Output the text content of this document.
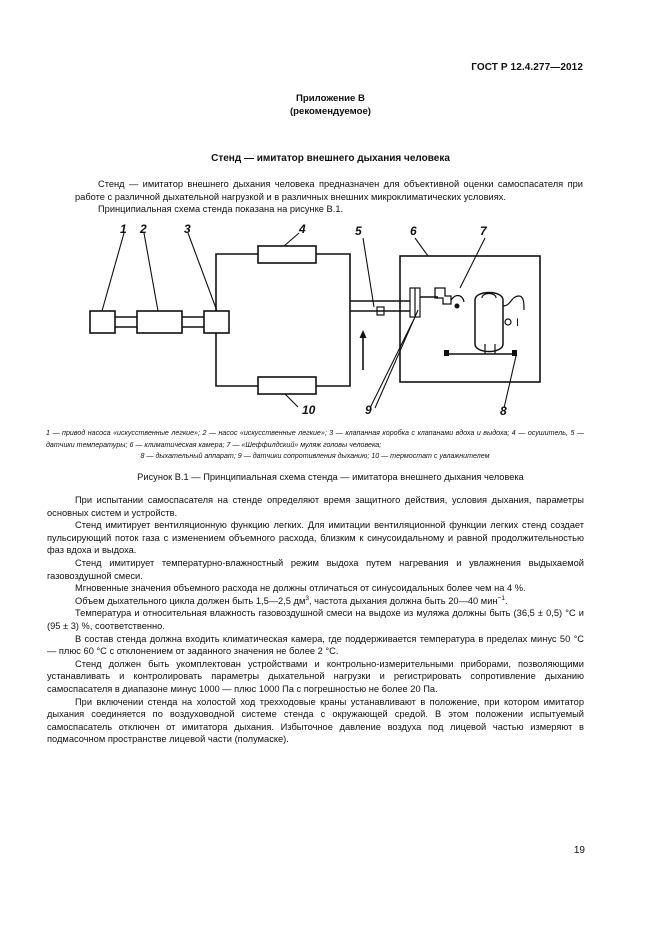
ГОСТ Р 12.4.277—2012
Приложение В
(рекомендуемое)
Стенд — имитатор внешнего дыхания человека

Стенд — имитатор внешнего дыхания человека предназначен для объективной оценки самоспасателя при работе с различной дыхательной нагрузкой и в различных внешних микроклиматических условиях.

Принципиальная схема стенда показана на рисунке В.1.

1 2	3	4	5	6	7
8
9
10
I

1 — привод насоса «искусственные легкие»; 2 — насос «искусственные легкие»; 3 — клапанная коробка с клапанами вдоха и выдоха; 4 — осушитель, 5 — датчики температуры; 6 — климатическая камера; 7 — «Шеффилдский» муляж головы человека;

8 — дыхательный аппарат; 9 — датчики сопротивления дыханию; 10 — термостат с увлажнителем

Рисунок В.1 — Принципиальная схема стенда — имитатора внешнего дыхания человека

При испытании самоспасателя на стенде определяют время защитного действия, условия дыхания, параметры основных систем и устройств.

Стенд имитирует вентиляционную функцию легких. Для имитации вентиляционной функции легких стенд создает пульсирующий поток газа с изменением объемного расхода, близким к синусоидальному и равной продолжительностью фаз вдоха и выдоха.

Стенд имитирует температурно-влажностный режим выдоха путем нагревания и увлажнения выдыхаемой газовоздушной смеси.

Мгновенные значения объемного расхода не должны отличаться от синусоидальных более чем на 4 %.

Объем дыхательного цикла должен быть 1,5—2,5 $дм^3$, частота дыхания должна быть 20—40 мин$^{-1}$.

Температура и относительная влажность газовоздушной смеси на выдохе из муляжа должны быть (36,5 ± 0,5) °С и (95 ± 3) %, соответственно.

В состав стенда должна входить климатическая камера, где поддерживается температура в пределах минус 50 °С — плюс 60 °С с отклонением от заданного значения не более 2 °С.

Стенд должен быть укомплектован устройствами и контрольно-измерительными приборами, позволяющими устанавливать и контролировать параметры дыхательной нагрузки и регистрировать сопротивление дыханию самоспасателя в диапазоне минус 1000 — плюс 1000 Па с погрешностью не более 20 Па.

При включении стенда на холостой ход трехходовые краны устанавливают в положение, при котором имитатор дыхания соединяется по воздуховодной системе стенда с окружающей средой. В этом положении испытуемый самоспасатель отключен от имитатора дыхания. Избыточное давление воздуха под лицевой частью измеряют в подмасочном пространстве лицевой части (полумаске).

19
